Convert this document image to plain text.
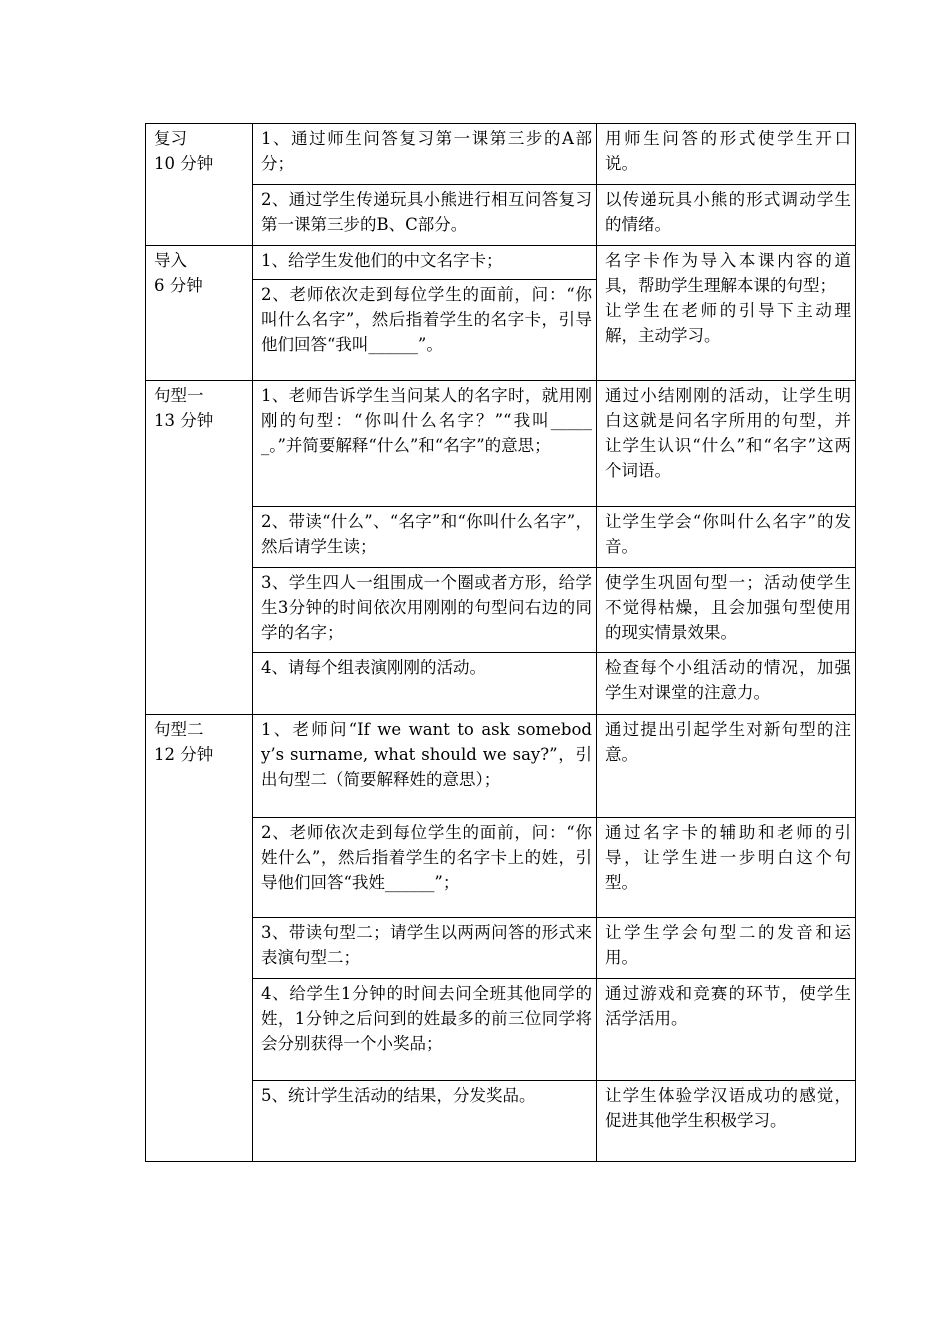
复习
10 分钟	1、通过师生问答复习第一课第三步的A部分；	用师生问答的形式使学生开口说。

	2、通过学生传递玩具小熊进行相互问答复习第一课第三步的B、C部分。	以传递玩具小熊的形式调动学生的情绪。

导入
6 分钟	1、给学生发他们的中文名字卡；	名字卡作为导入本课内容的道具，帮助学生理解本课的句型；
让学生在老师的引导下主动理解，主动学习。

	2、老师依次走到每位学生的面前，问：“你叫什么名字”，然后指着学生的名字卡，引导他们回答“我叫______”。	

句型一
13 分钟	1、老师告诉学生当问某人的名字时，就用刚刚的句型：“你叫什么名字？”“我叫______。”并简要解释“什么”和“名字”的意思；	通过小结刚刚的活动，让学生明白这就是问名字所用的句型，并让学生认识“什么”和“名字”这两个词语。

	2、带读“什么”、“名字”和“你叫什么名字”，然后请学生读；	让学生学会“你叫什么名字”的发音。

	3、学生四人一组围成一个圈或者方形，给学生3分钟的时间依次用刚刚的句型问右边的同学的名字；	使学生巩固句型一；活动使学生不觉得枯燥，且会加强句型使用的现实情景效果。

	4、请每个组表演刚刚的活动。	检查每个小组活动的情况，加强学生对课堂的注意力。

句型二
12 分钟	1、老师问“If we want to ask somebody’s surname, what should we say?”，引出句型二（简要解释姓的意思）；	通过提出引起学生对新句型的注意。

	2、老师依次走到每位学生的面前，问：“你姓什么”，然后指着学生的名字卡上的姓，引导他们回答“我姓______”；	通过名字卡的辅助和老师的引导，让学生进一步明白这个句型。

	3、带读句型二；请学生以两两问答的形式来表演句型二；	让学生学会句型二的发音和运用。

	4、给学生1分钟的时间去问全班其他同学的姓，1分钟之后问到的姓最多的前三位同学将会分别获得一个小奖品；	通过游戏和竞赛的环节，使学生活学活用。

	5、统计学生活动的结果，分发奖品。	让学生体验学汉语成功的感觉，促进其他学生积极学习。
